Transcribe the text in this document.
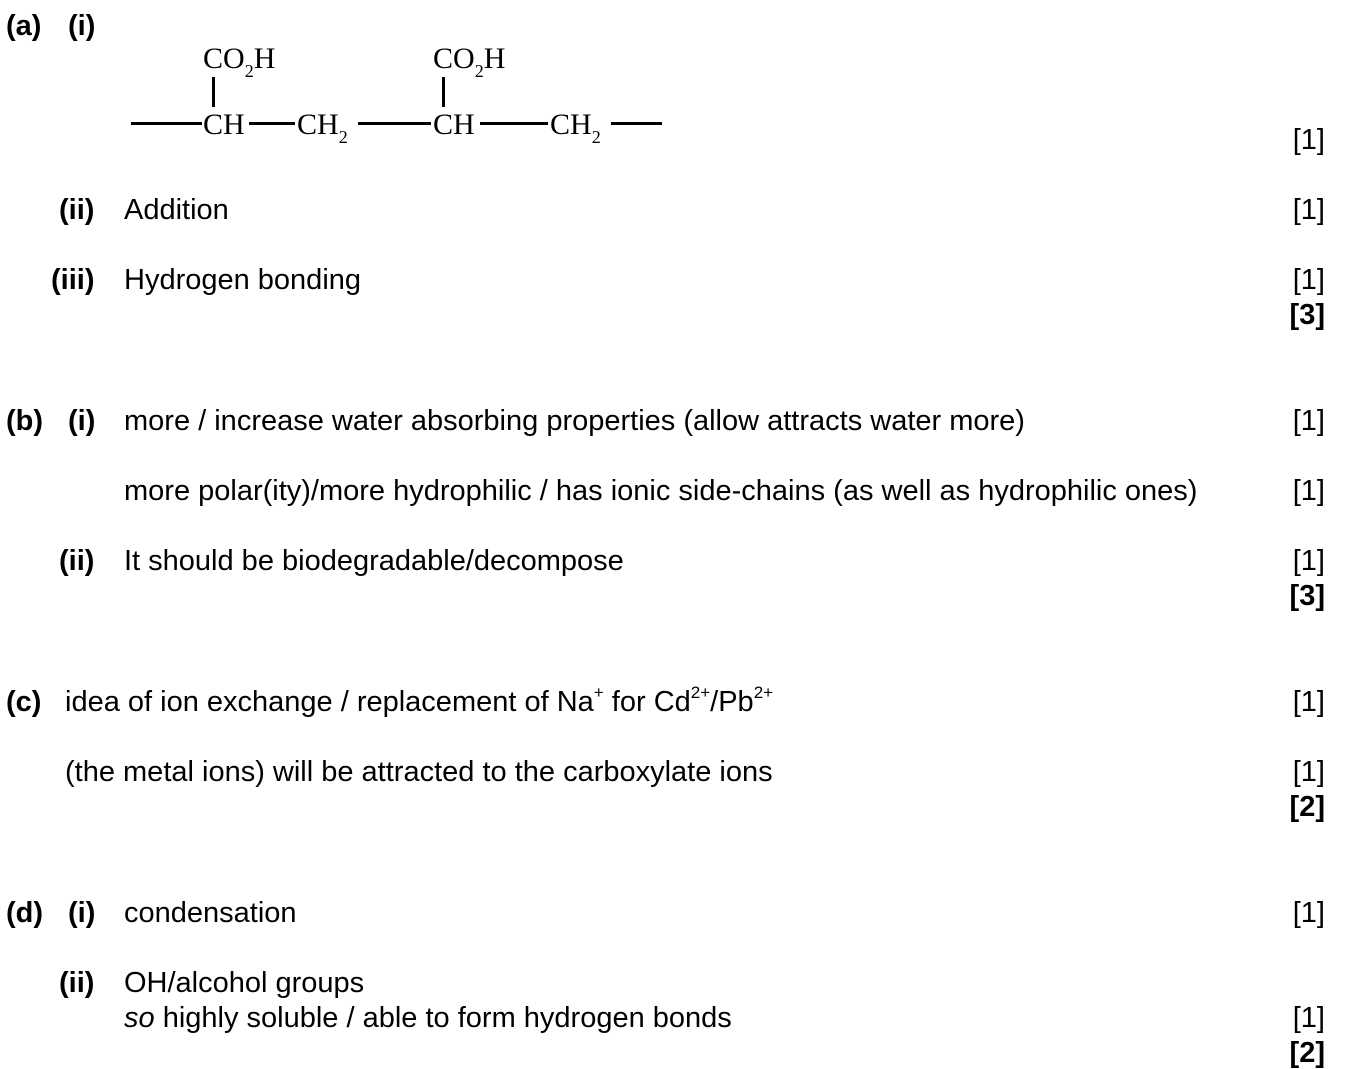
(a) (i)
$CO_2H$	$CO_2H$
CH $CH_2$	CH	$CH_2$	[1]
(ii) Addition	[1]
(iii) Hydrogen bonding	[1]
[3]
(b) (i) more / increase water absorbing properties (allow attracts water more)	[1]
more polar(ity)/more hydrophilic / has ionic side-chains (as well as hydrophilic ones)	[1]
(ii) It should be biodegradable/decompose	[1]
[3]
(c) idea of ion exchange / replacement of Na+ for $Cd^{2+}/Pb^{2+}$	[1]
(the metal ions) will be attracted to the carboxylate ions	[1]
[2]
(d) (i) condensation	[1]
(ii) OH/alcohol groups
so highly soluble / able to form hydrogen bonds	[1]
[2]
